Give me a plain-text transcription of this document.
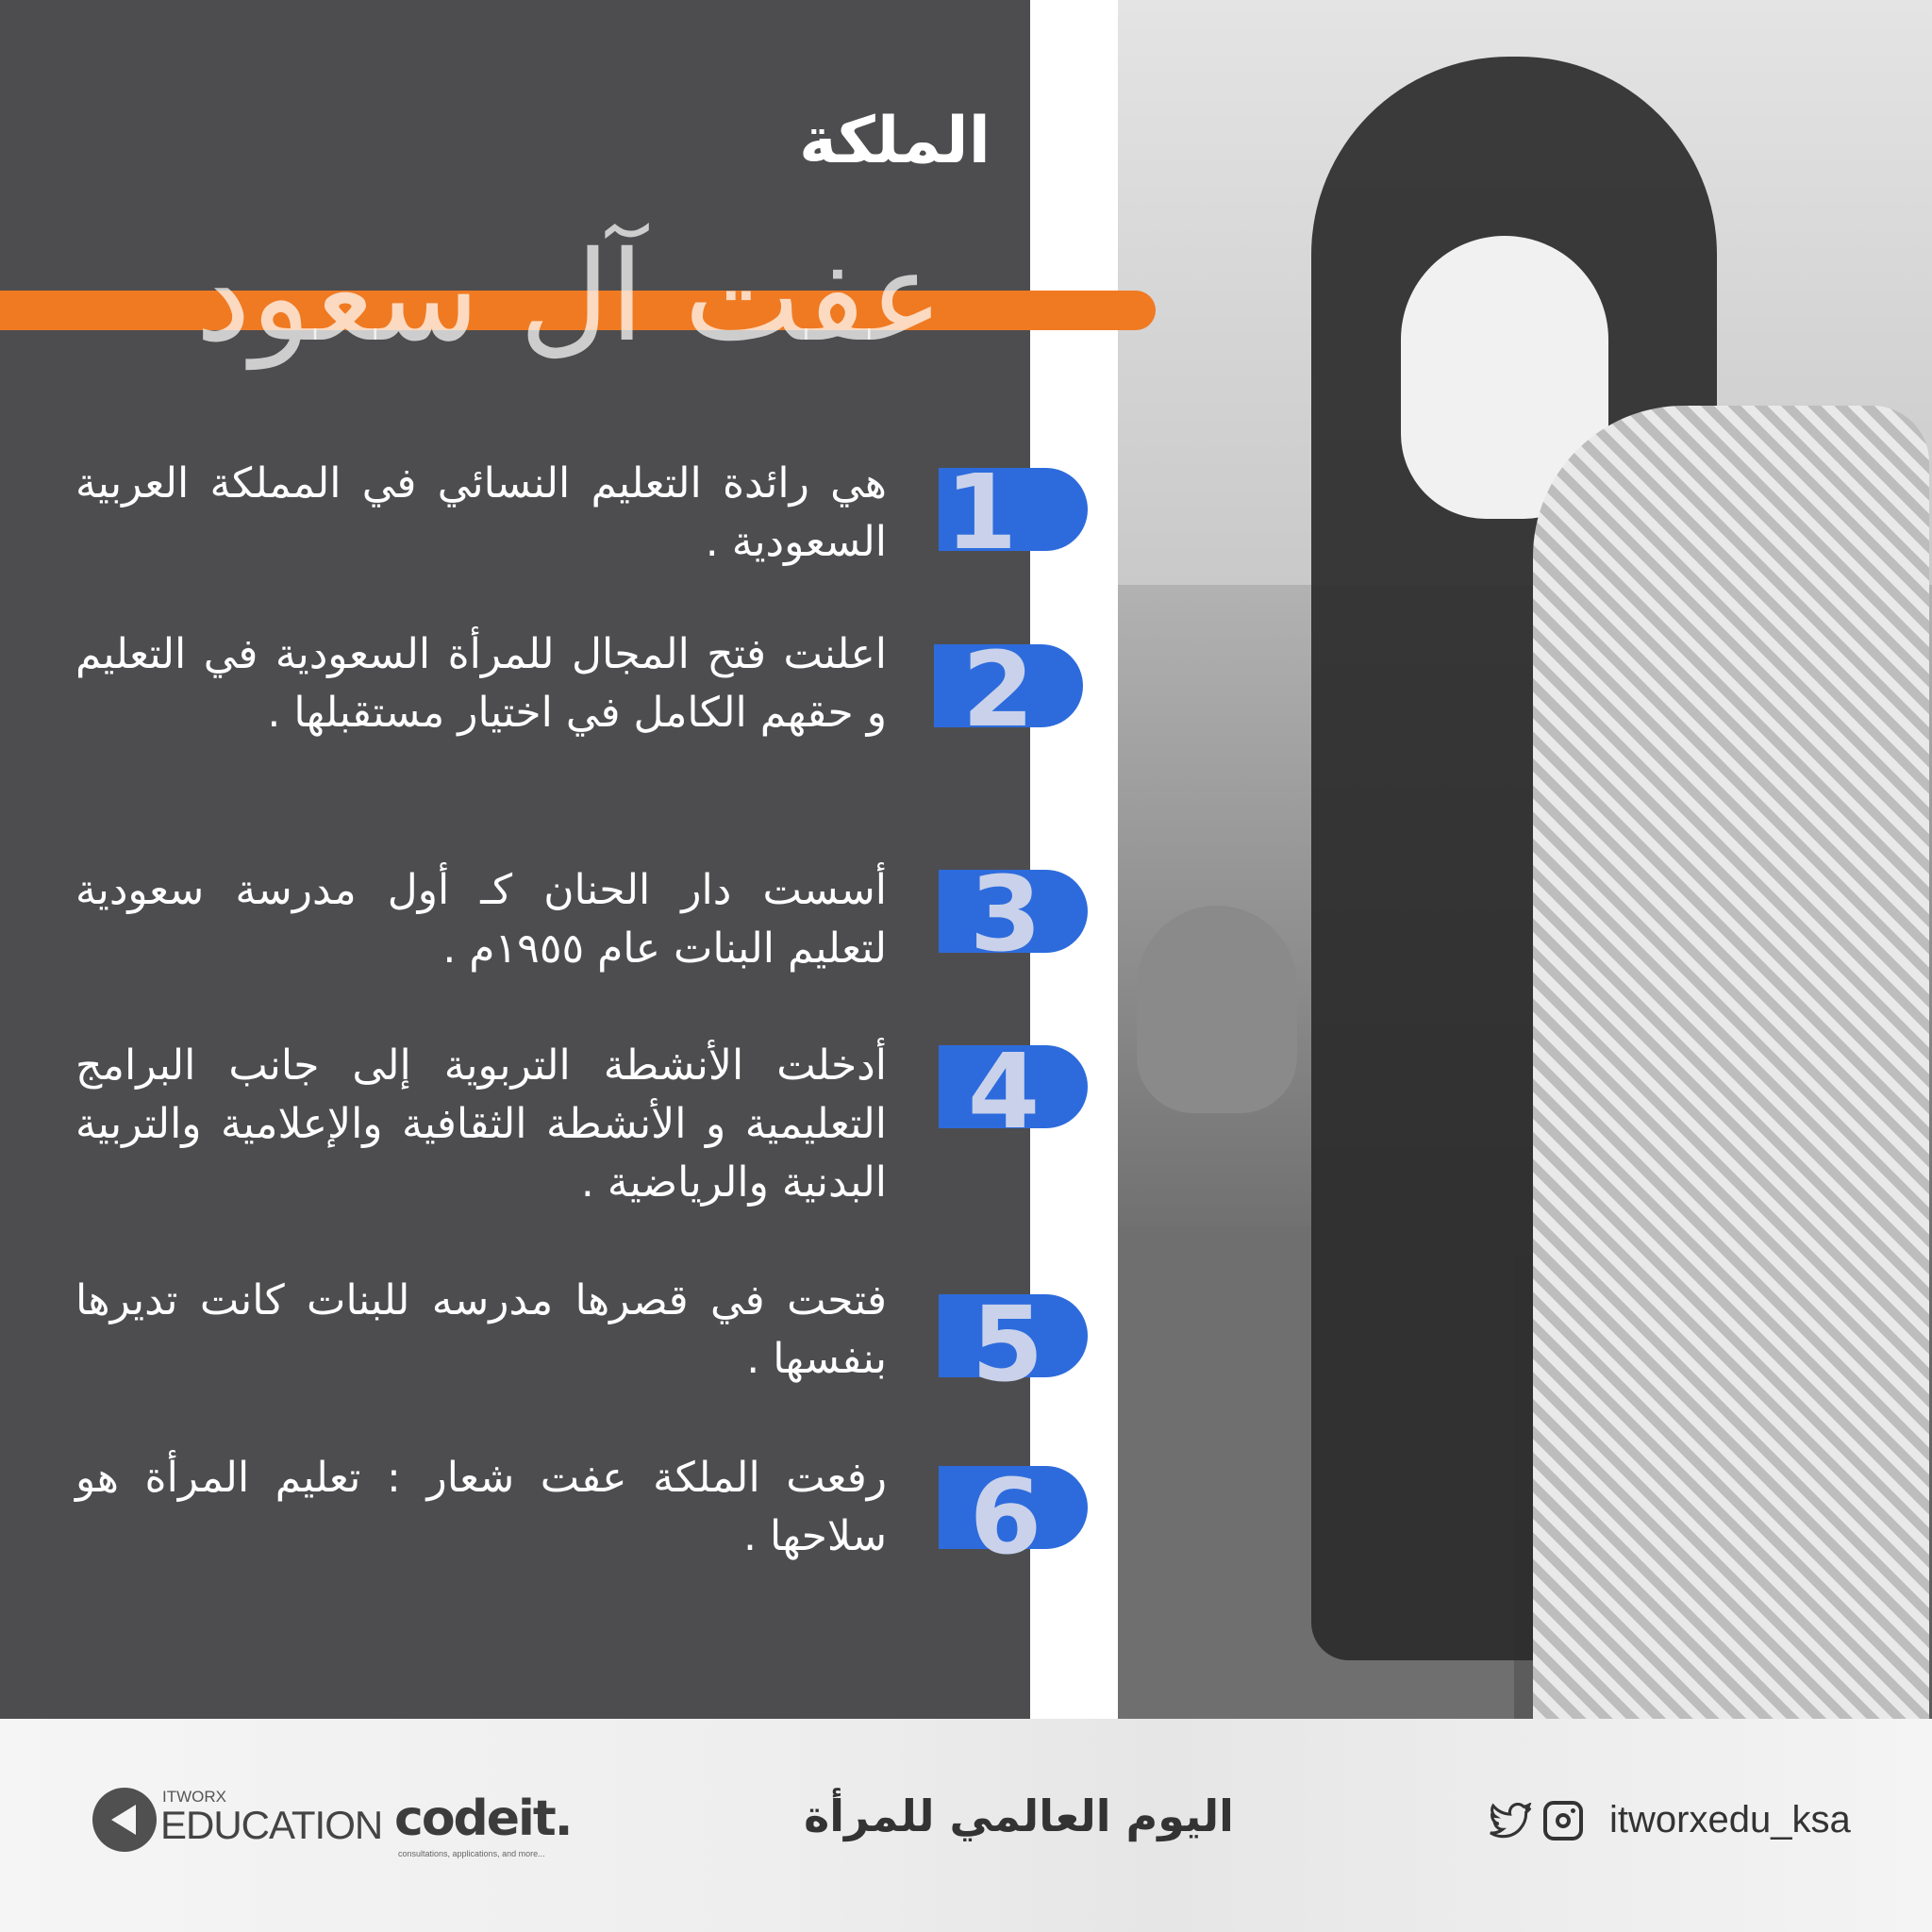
الملكة
عفت آل سعود
هي رائدة التعليم النسائي في المملكة العربية السعودية . 1
اعلنت فتح المجال للمرأة السعودية في التعليم و حقهم الكامل في اختيار مستقبلها . 2
أسست دار الحنان كـ أول مدرسة سعودية لتعليم البنات عام ١٩٥٥م . 3
أدخلت الأنشطة التربوية إلى جانب البرامج التعليمية و الأنشطة الثقافية والإعلامية والتربية البدنية والرياضية .
4
فتحت في قصرها مدرسه للبنات كانت تديرها بنفسها . 5
رفعت الملكة عفت شعار : تعليم المرأة هو سلاحها . 6
ITWORX
EDUCATION codeit.
consultations, applications, and more...
اليوم العالمي للمرأة	itworxedu_ksa
